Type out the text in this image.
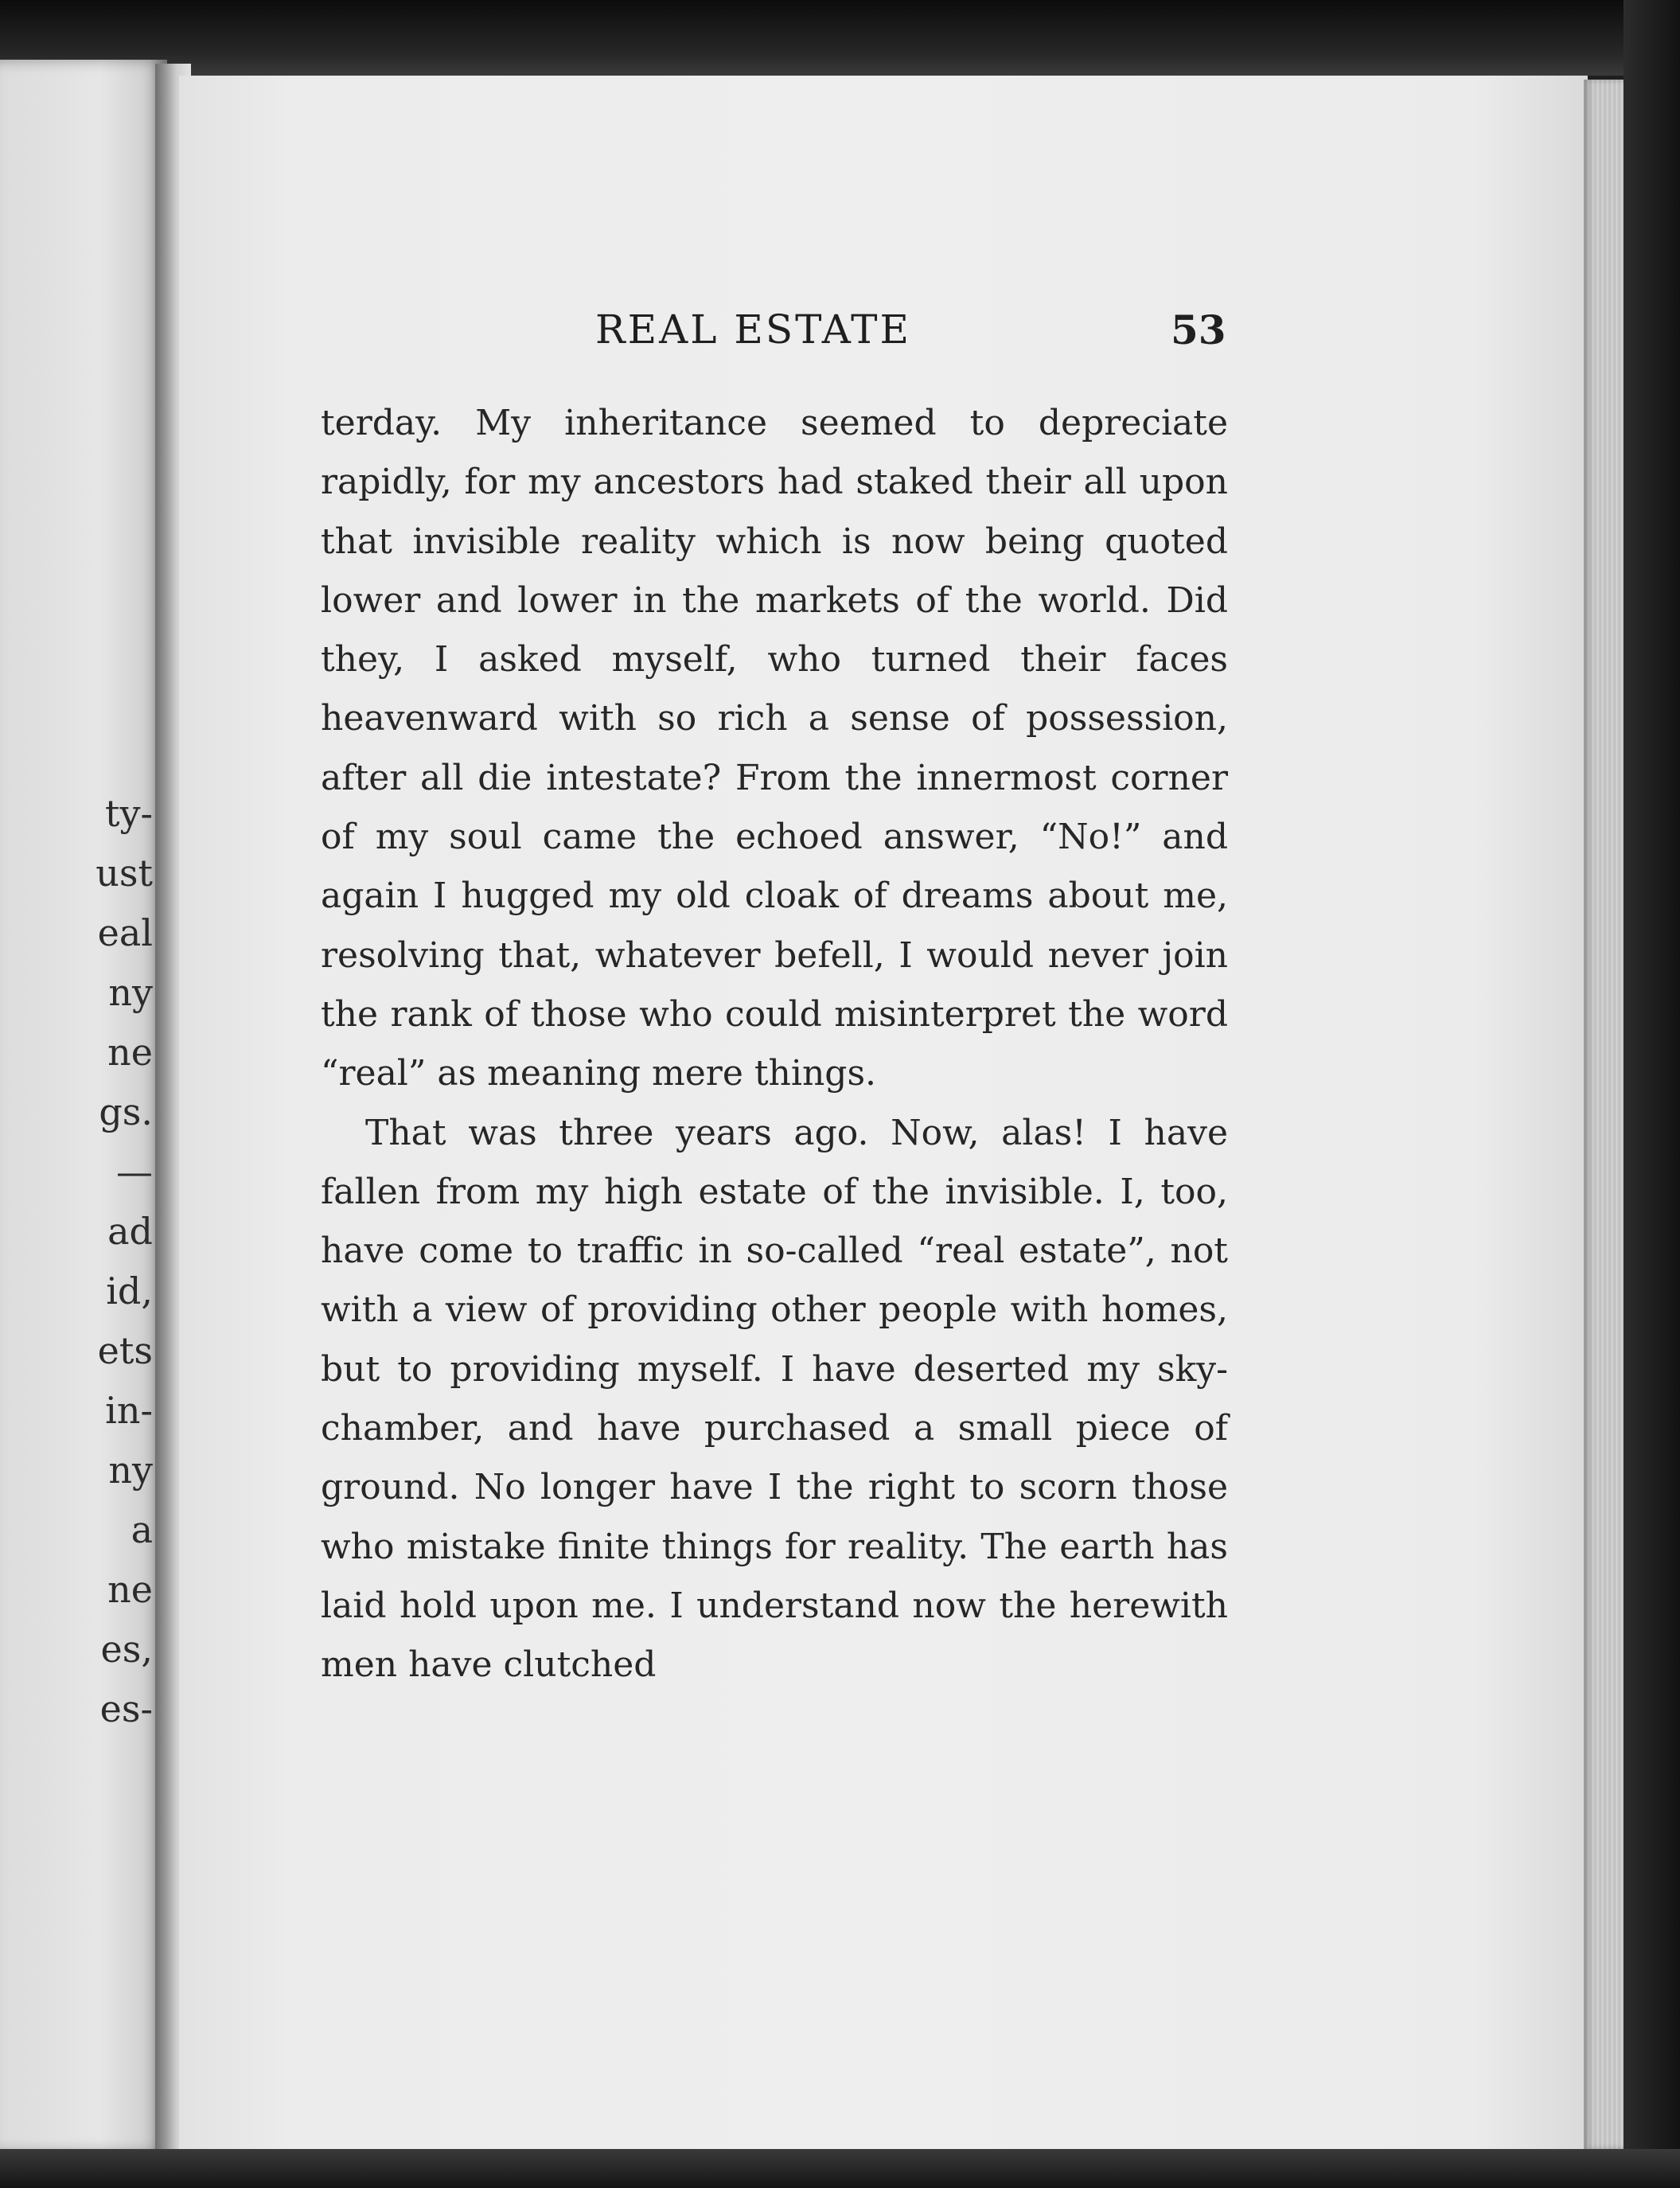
ty-
ust
eal
ny
ne
gs.
—
ad
id,
ets
in-
ny
a
ne
es,
es-
REAL ESTATE	53

terday. My inheritance seemed to depreciate rapidly, for my ancestors had staked their all upon that invisible reality which is now being quoted lower and lower in the markets of the world. Did they, I asked myself, who turned their faces heavenward with so rich a sense of possession, after all die intestate? From the innermost corner of my soul came the echoed answer, “No!” and again I hugged my old cloak of dreams about me, resolving that, whatever befell, I would never join the rank of those who could misinterpret the word “real” as meaning mere things.

That was three years ago. Now, alas! I have fallen from my high estate of the invisible. I, too, have come to traffic in so-called “real estate”, not with a view of providing other people with homes, but to providing myself. I have deserted my sky-chamber, and have purchased a small piece of ground. No longer have I the right to scorn those who mistake finite things for reality. The earth has laid hold upon me. I understand now the herewith men have clutched
